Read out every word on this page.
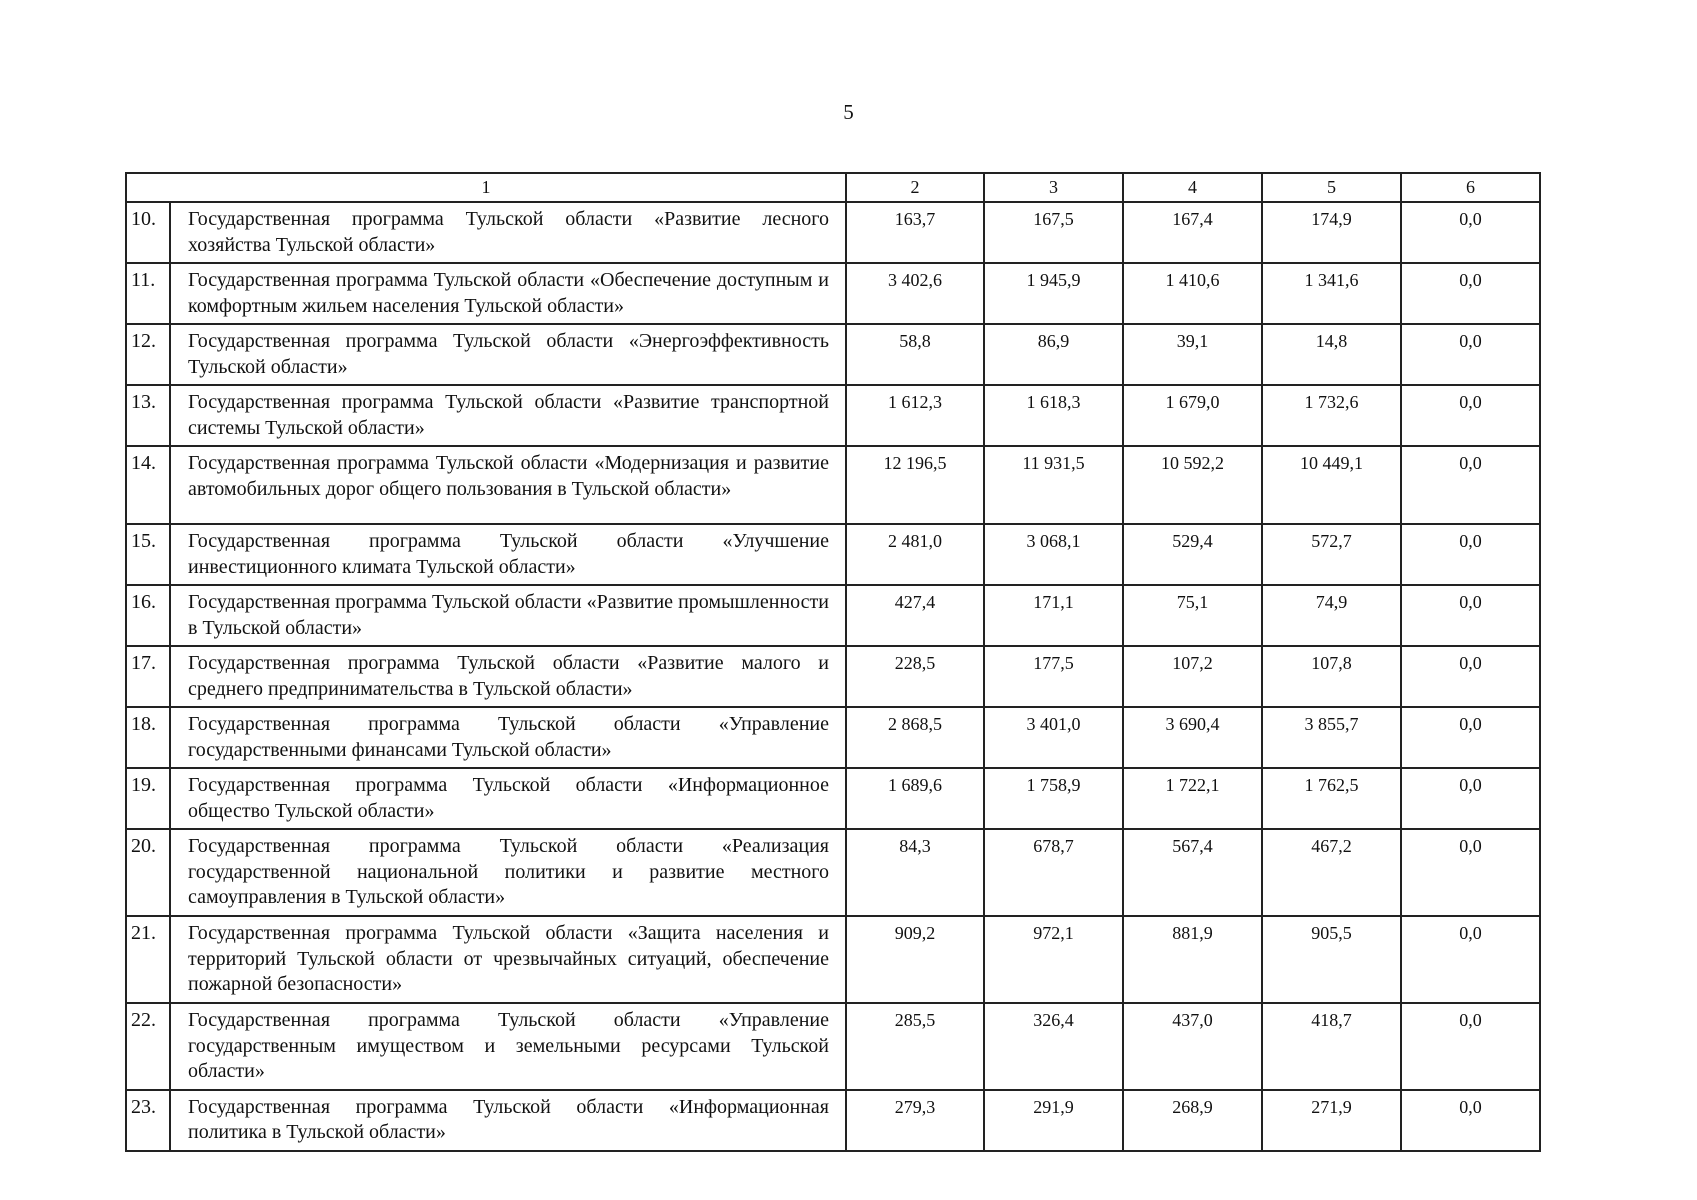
5
1		2	3	4	5	6
10.	Государственная программа Тульской области «Развитие лесного хозяйства Тульской области»	163,7	167,5	167,4	174,9	0,0
11.	Государственная программа Тульской области «Обеспечение доступным и комфортным жильем населения Тульской области»	3 402,6	1 945,9	1 410,6	1 341,6	0,0
12.	Государственная программа Тульской области «Энергоэффективность Тульской области»	58,8	86,9	39,1	14,8	0,0
13.	Государственная программа Тульской области «Развитие транспортной системы Тульской области»	1 612,3	1 618,3	1 679,0	1 732,6	0,0
14.	Государственная программа Тульской области «Модернизация и развитие автомобильных дорог общего пользования в Тульской области»	12 196,5	11 931,5	10 592,2	10 449,1	0,0
15.	Государственная программа Тульской области «Улучшение инвестиционного климата Тульской области»	2 481,0	3 068,1	529,4	572,7	0,0
16.	Государственная программа Тульской области «Развитие промышленности в Тульской области»	427,4	171,1	75,1	74,9	0,0
17.	Государственная программа Тульской области «Развитие малого и среднего предпринимательства в Тульской области»	228,5	177,5	107,2	107,8	0,0
18.	Государственная программа Тульской области «Управление государственными финансами Тульской области»	2 868,5	3 401,0	3 690,4	3 855,7	0,0
19.	Государственная программа Тульской области «Информационное общество Тульской области»	1 689,6	1 758,9	1 722,1	1 762,5	0,0
20.	Государственная программа Тульской области «Реализация государственной национальной политики и развитие местного самоуправления в Тульской области»	84,3	678,7	567,4	467,2	0,0
21.	Государственная программа Тульской области «Защита населения и территорий Тульской области от чрезвычайных ситуаций, обеспечение пожарной безопасности»	909,2	972,1	881,9	905,5	0,0
22.	Государственная программа Тульской области «Управление государственным имуществом и земельными ресурсами Тульской области»	285,5	326,4	437,0	418,7	0,0
23.	Государственная программа Тульской области «Информационная политика в Тульской области»	279,3	291,9	268,9	271,9	0,0
